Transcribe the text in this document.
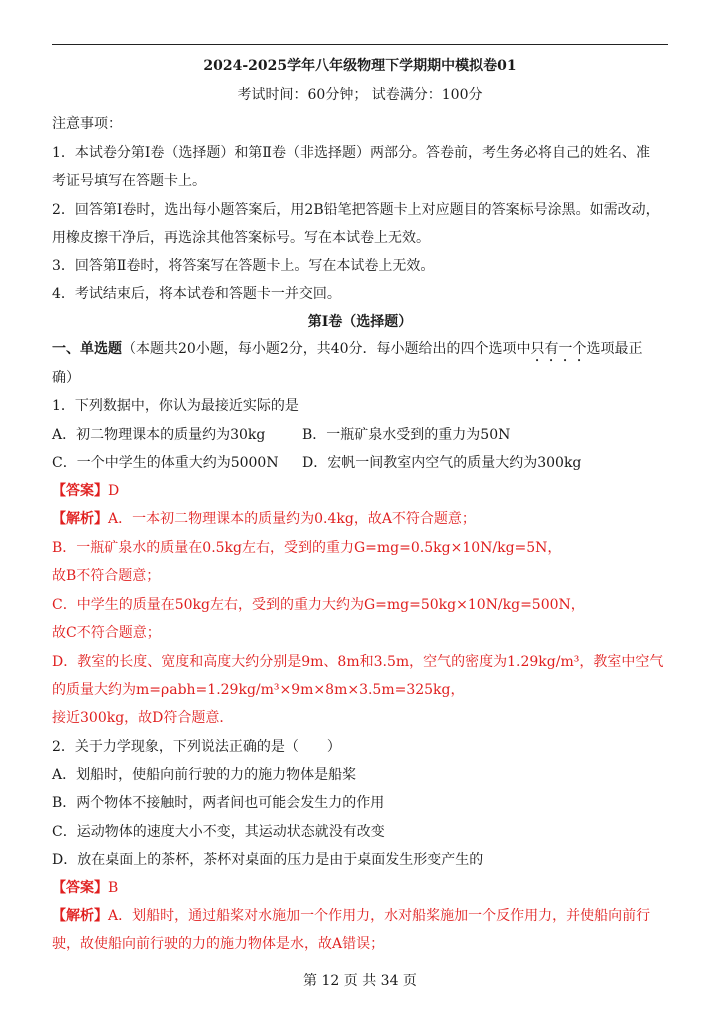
2024-2025学年八年级物理下学期期中模拟卷01

考试时间：60分钟； 试卷满分：100分

注意事项：

1．本试卷分第Ⅰ卷（选择题）和第Ⅱ卷（非选择题）两部分。答卷前，考生务必将自己的姓名、准

考证号填写在答题卡上。

2．回答第Ⅰ卷时，选出每小题答案后，用2B铅笔把答题卡上对应题目的答案标号涂黑。如需改动，

用橡皮擦干净后，再选涂其他答案标号。写在本试卷上无效。

3．回答第Ⅱ卷时，将答案写在答题卡上。写在本试卷上无效。

4．考试结束后，将本试卷和答题卡一并交回。

第Ⅰ卷（选择题）

一、单选题（本题共20小题，每小题2分，共40分．每小题给出的四个选项中只有一个选项最正

确）

1．下列数据中，你认为最接近实际的是

A．初二物理课本的质量约为30kg	B．一瓶矿泉水受到的重力为50N

C．一个中学生的体重大约为5000N D．宏帆一间教室内空气的质量大约为300kg

【答案】D

【解析】A．一本初二物理课本的质量约为0.4kg，故A不符合题意；

B．一瓶矿泉水的质量在0.5kg左右，受到的重力G=mg=0.5kg×10N/kg=5N，

故B不符合题意；

C．中学生的质量在50kg左右，受到的重力大约为G=mg=50kg×10N/kg=500N，

故C不符合题意；

D．教室的长度、宽度和高度大约分别是9m、8m和3.5m，空气的密度为1.29kg/m³，教室中空气

的质量大约为m=ρabh=1.29kg/m³×9m×8m×3.5m=325kg，

接近300kg，故D符合题意．

2．关于力学现象，下列说法正确的是（　　）

A．划船时，使船向前行驶的力的施力物体是船桨

B．两个物体不接触时，两者间也可能会发生力的作用

C．运动物体的速度大小不变，其运动状态就没有改变

D．放在桌面上的茶杯，茶杯对桌面的压力是由于桌面发生形变产生的

【答案】B

【解析】A．划船时，通过船桨对水施加一个作用力，水对船桨施加一个反作用力，并使船向前行

驶，故使船向前行驶的力的施力物体是水，故A错误；

第 12 页 共 34 页
